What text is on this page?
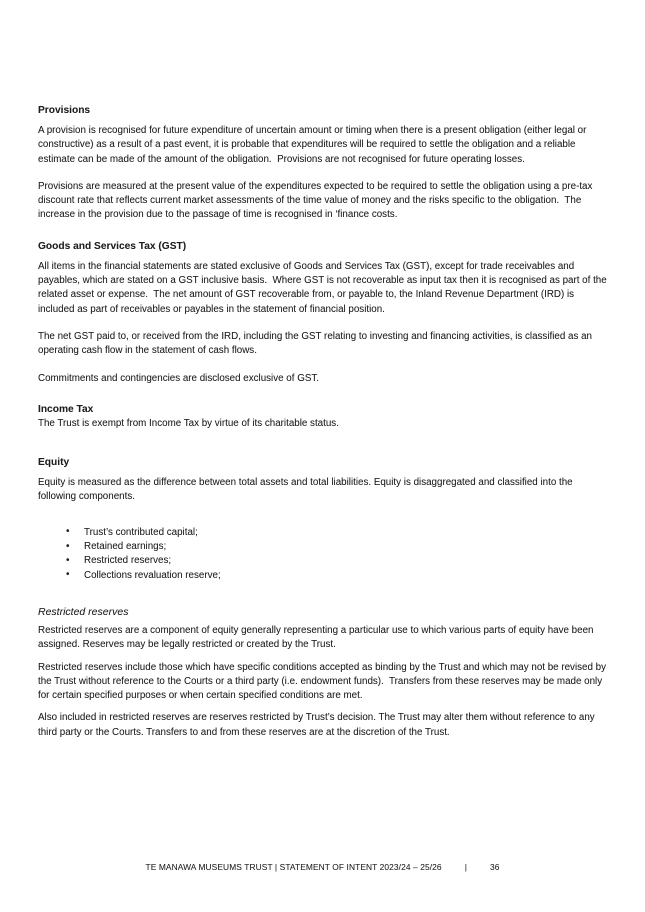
Provisions

A provision is recognised for future expenditure of uncertain amount or timing when there is a present obligation (either legal or constructive) as a result of a past event, it is probable that expenditures will be required to settle the obligation and a reliable estimate can be made of the amount of the obligation.  Provisions are not recognised for future operating losses.

Provisions are measured at the present value of the expenditures expected to be required to settle the obligation using a pre-tax discount rate that reflects current market assessments of the time value of money and the risks specific to the obligation.  The increase in the provision due to the passage of time is recognised in ‘finance costs.

Goods and Services Tax (GST)

All items in the financial statements are stated exclusive of Goods and Services Tax (GST), except for trade receivables and payables, which are stated on a GST inclusive basis.  Where GST is not recoverable as input tax then it is recognised as part of the related asset or expense.  The net amount of GST recoverable from, or payable to, the Inland Revenue Department (IRD) is included as part of receivables or payables in the statement of financial position.

The net GST paid to, or received from the IRD, including the GST relating to investing and financing activities, is classified as an operating cash flow in the statement of cash flows.

Commitments and contingencies are disclosed exclusive of GST.

Income Tax

The Trust is exempt from Income Tax by virtue of its charitable status.

Equity

Equity is measured as the difference between total assets and total liabilities. Equity is disaggregated and classified into the following components.

• Trust’s contributed capital;
• Retained earnings;
• Restricted reserves;
• Collections revaluation reserve;
Restricted reserves

Restricted reserves are a component of equity generally representing a particular use to which various parts of equity have been assigned. Reserves may be legally restricted or created by the Trust.

Restricted reserves include those which have specific conditions accepted as binding by the Trust and which may not be revised by the Trust without reference to the Courts or a third party (i.e. endowment funds).  Transfers from these reserves may be made only for certain specified purposes or when certain specified conditions are met.

Also included in restricted reserves are reserves restricted by Trust’s decision. The Trust may alter them without reference to any third party or the Courts. Transfers to and from these reserves are at the discretion of the Trust.

TE MANAWA MUSEUMS TRUST | STATEMENT OF INTENT 2023/24 – 25/26	|	36
